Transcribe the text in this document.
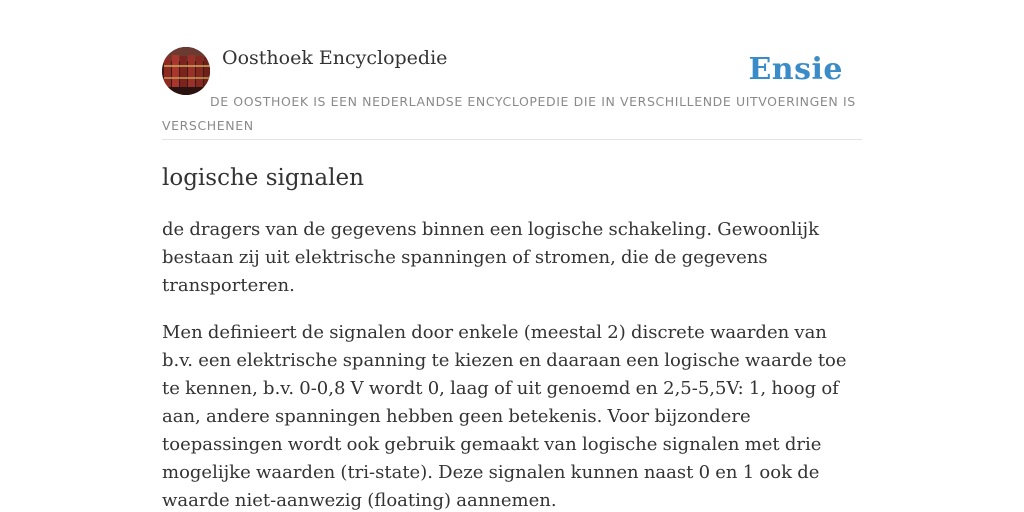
Oosthoek Encyclopedie	Ensie
DE OOSTHOEK IS EEN NEDERLANDSE ENCYCLOPEDIE DIE IN VERSCHILLENDE UITVOERINGEN IS VERSCHENEN
logische signalen

de dragers van de gegevens binnen een logische schakeling. Gewoonlijk bestaan zij uit elektrische spanningen of stromen, die de gegevens transporteren.

Men definieert de signalen door enkele (meestal 2) discrete waarden van b.v. een elektrische spanning te kiezen en daaraan een logische waarde toe te kennen, b.v. 0-0,8 V wordt 0, laag of uit genoemd en 2,5-5,5V: 1, hoog of aan, andere spanningen hebben geen betekenis. Voor bijzondere toepassingen wordt ook gebruik gemaakt van logische signalen met drie mogelijke waarden (tri-state). Deze signalen kunnen naast 0 en 1 ook de waarde niet-aanwezig (floating) aannemen.
